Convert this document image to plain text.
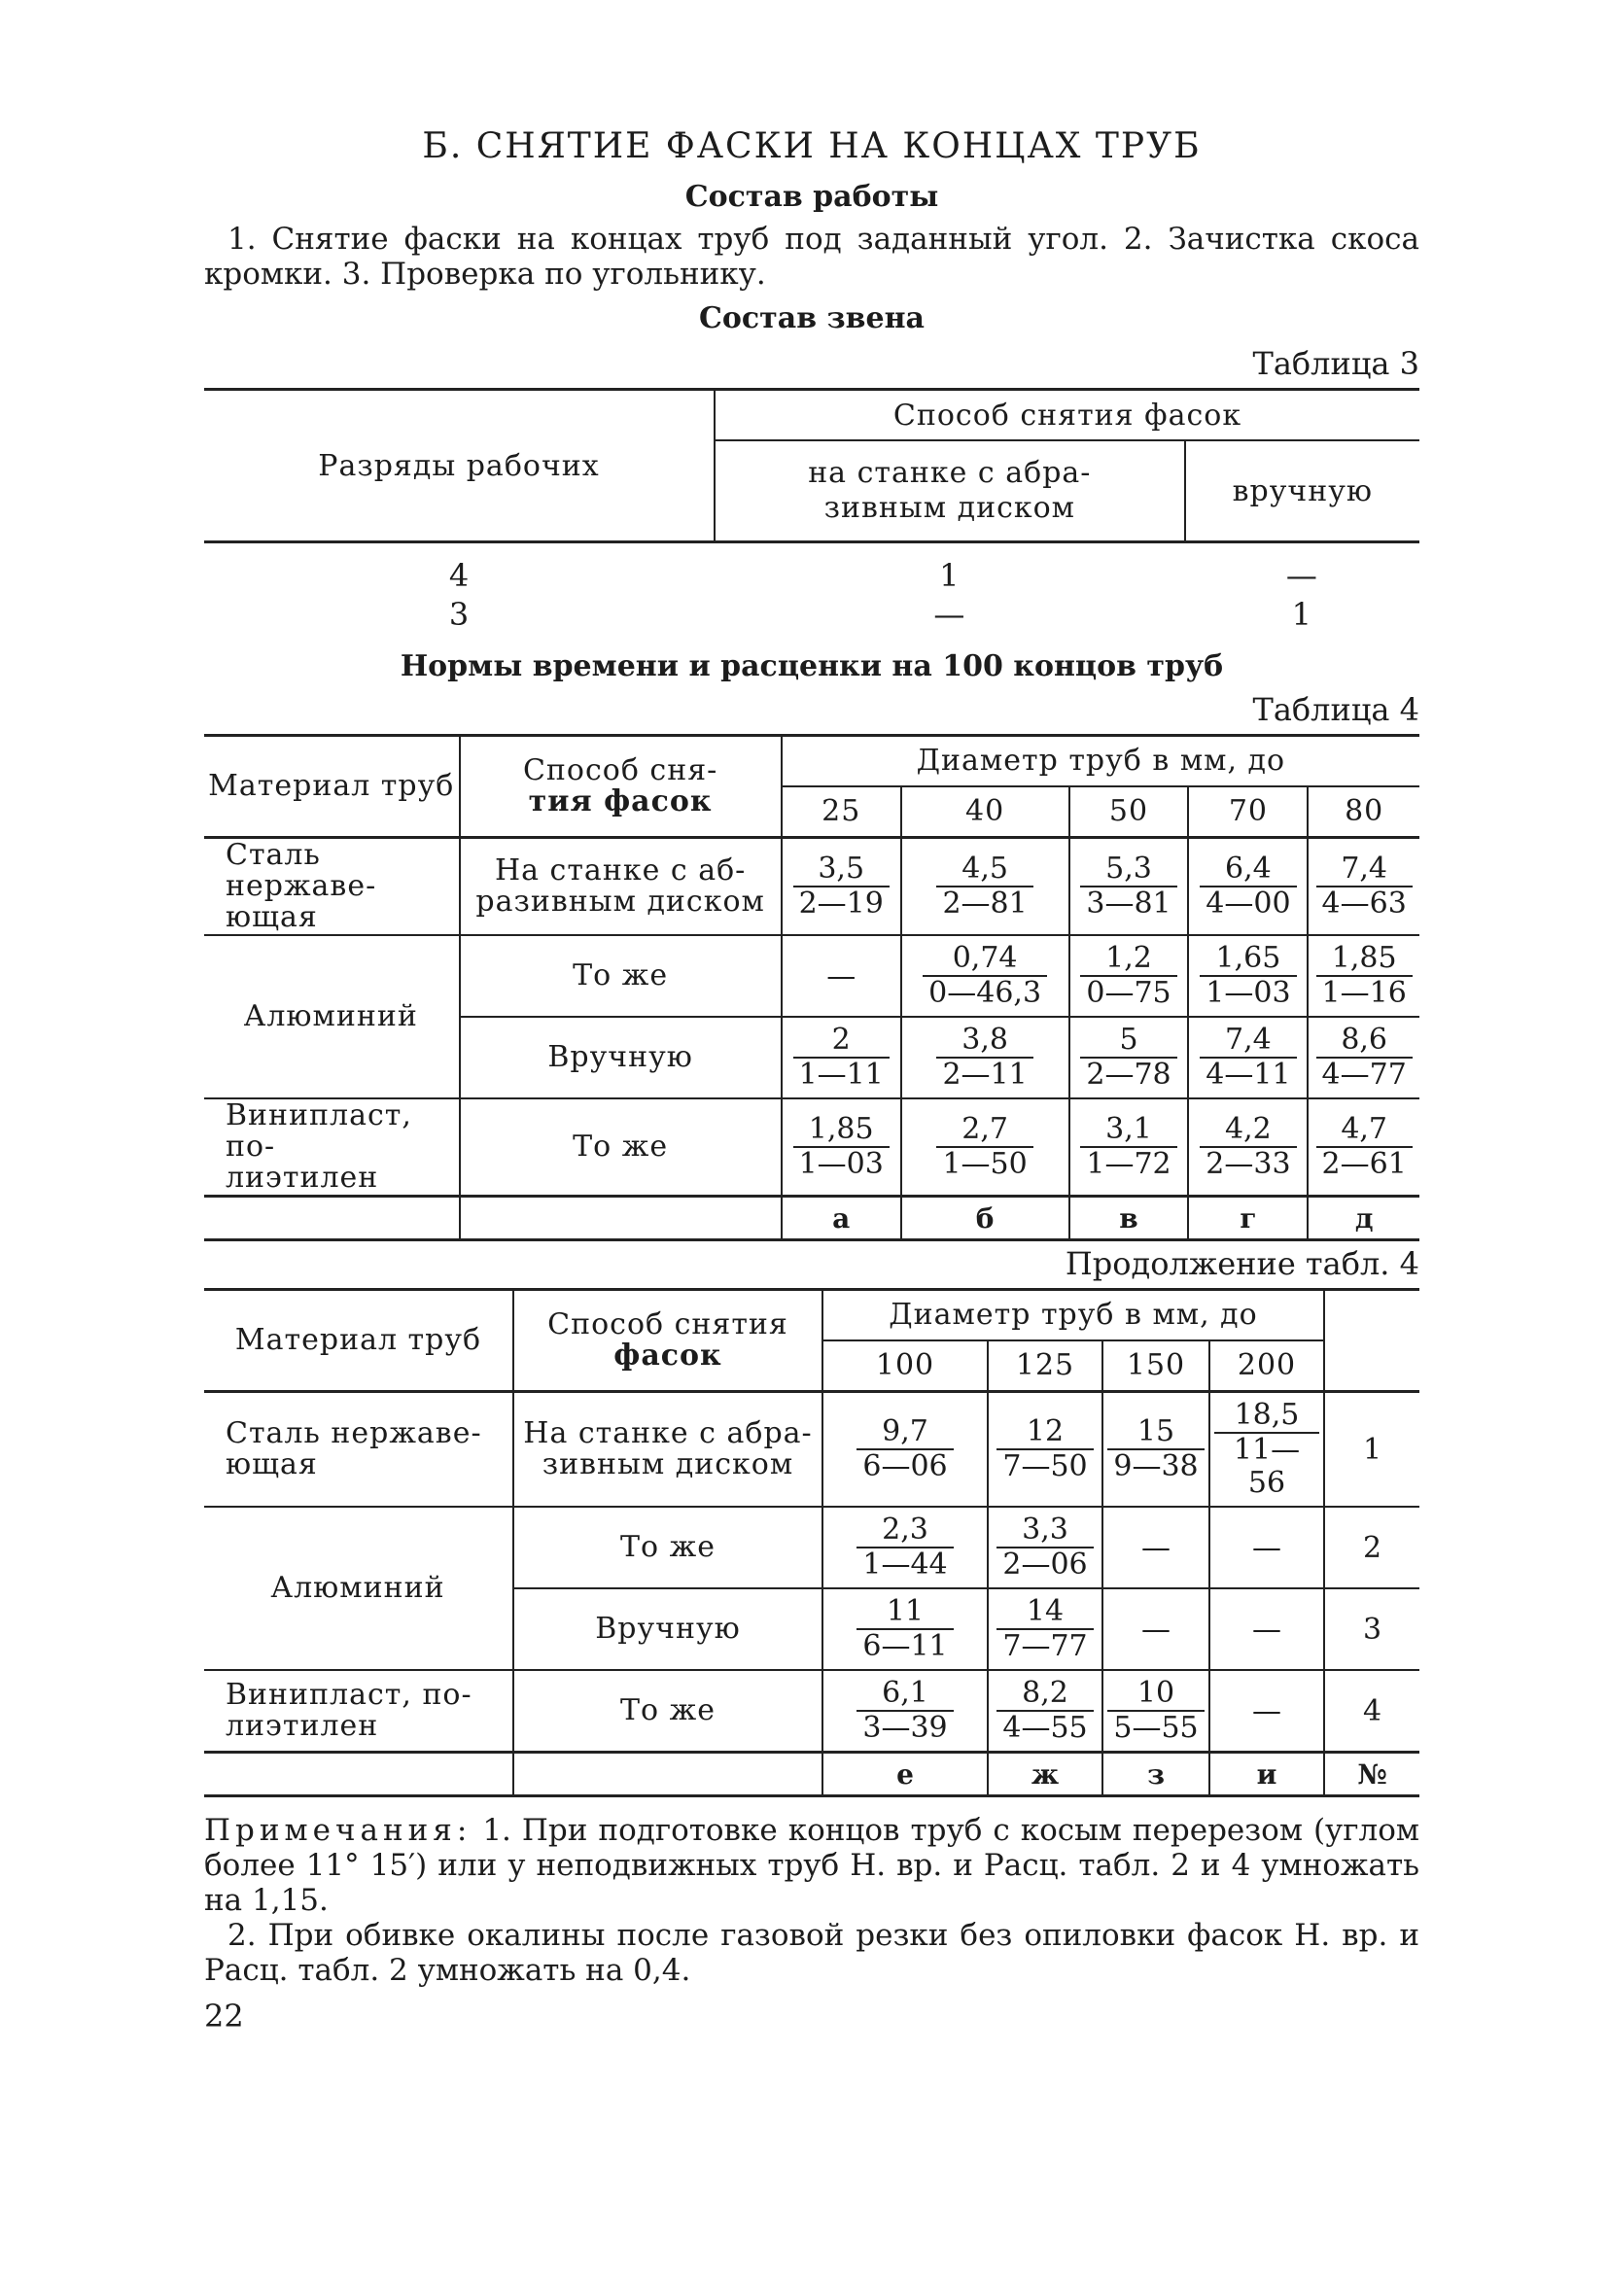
Б. СНЯТИЕ ФАСКИ НА КОНЦАХ ТРУБ
Состав работы

1. Снятие фаски на концах труб под заданный угол. 2. Зачистка скоса кромки. 3. Проверка по угольнику.

Состав звена
Таблица 3
Разряды рабочих	Способ снятия фасок	
	на станке с абра-
зивным диском	вручную
4	1	—
3	—	1
Нормы времени и расценки на 100 концов труб
Таблица 4
Материал труб	Способ сня-
тия фасок	Диаметр труб в мм, до				
		25	40	50	70	80
Сталь нержаве-
ющая	На станке с аб-
разивным диском	$\frac{3,5}{2—19}$	$\frac{4,5}{2—81}$	$\frac{5,3}{3—81}$	$\frac{6,4}{4—00}$	$\frac{7,4}{4—63}$

Алюминий	То же	—	$\frac{0,74}{0—46,3}$	$\frac{1,2}{0—75}$	$\frac{1,65}{1—03}$	$\frac{1,85}{1—16}$

	Вручную	$\frac{2}{1—11}$	$\frac{3,8}{2—11}$	$\frac{5}{2—78}$	$\frac{7,4}{4—11}$	$\frac{8,6}{4—77}$

Винипласт, по-
лиэтилен	То же	$\frac{1,85}{1—03}$	$\frac{2,7}{1—50}$	$\frac{3,1}{1—72}$	$\frac{4,2}{2—33}$	$\frac{4,7}{2—61}$

		а	б	в	г	д
Продолжение табл. 4
Материал труб	Способ снятия
фасок	Диаметр труб в мм, до				
		100	125	150	200	
Сталь нержаве-
ющая	На станке с абра-
зивным диском	$\frac{9,7}{6—06}$	$\frac{12}{7—50}$	$\frac{15}{9—38}$	$\frac{18,5}{11—56}$	1
Алюминий	То же	$\frac{2,3}{1—44}$	$\frac{3,3}{2—06}$	—	—	2
	Вручную	$\frac{11}{6—11}$	$\frac{14}{7—77}$	—	—	3
Винипласт, по-
лиэтилен	То же	$\frac{6,1}{3—39}$	$\frac{8,2}{4—55}$	$\frac{10}{5—55}$	—	4
		е	ж	з	и	№

Примечания: 1. При подготовке концов труб с косым перерезом (углом более 11° 15′) или у неподвижных труб Н. вр. и Расц. табл. 2 и 4 умножать на 1,15.

2. При обивке окалины после газовой резки без опиловки фасок Н. вр. и Расц. табл. 2 умножать на 0,4.

22
